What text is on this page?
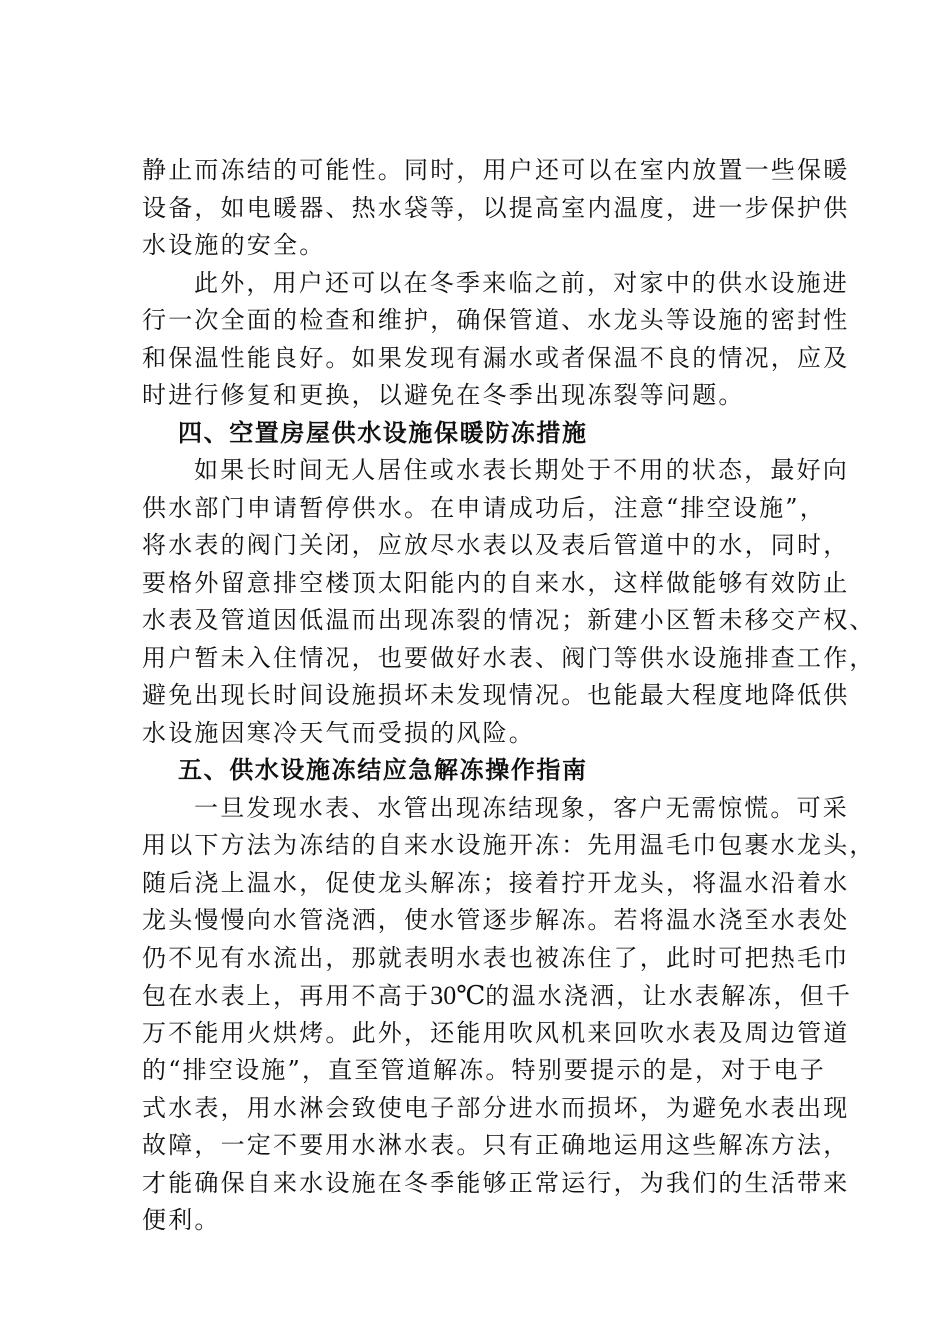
静止而冻结的可能性。同时，用户还可以在室内放置一些保暖
设备，如电暖器、热水袋等，以提高室内温度，进一步保护供
水设施的安全。
此外，用户还可以在冬季来临之前，对家中的供水设施进
行一次全面的检查和维护，确保管道、水龙头等设施的密封性
和保温性能良好。如果发现有漏水或者保温不良的情况，应及
时进行修复和更换，以避免在冬季出现冻裂等问题。
四、空置房屋供水设施保暖防冻措施
如果长时间无人居住或水表长期处于不用的状态，最好向
供水部门申请暂停供水。在申请成功后，注意“排空设施”，
将水表的阀门关闭，应放尽水表以及表后管道中的水，同时，
要格外留意排空楼顶太阳能内的自来水，这样做能够有效防止
水表及管道因低温而出现冻裂的情况；新建小区暂未移交产权、
用户暂未入住情况，也要做好水表、阀门等供水设施排查工作，
避免出现长时间设施损坏未发现情况。也能最大程度地降低供
水设施因寒冷天气而受损的风险。
五、供水设施冻结应急解冻操作指南
一旦发现水表、水管出现冻结现象，客户无需惊慌。可采
用以下方法为冻结的自来水设施开冻：先用温毛巾包裹水龙头，
随后浇上温水，促使龙头解冻；接着拧开龙头，将温水沿着水
龙头慢慢向水管浇洒，使水管逐步解冻。若将温水浇至水表处
仍不见有水流出，那就表明水表也被冻住了，此时可把热毛巾
包在水表上，再用不高于30℃的温水浇洒，让水表解冻，但千
万不能用火烘烤。此外，还能用吹风机来回吹水表及周边管道
的“排空设施”，直至管道解冻。特别要提示的是，对于电子
式水表，用水淋会致使电子部分进水而损坏，为避免水表出现
故障，一定不要用水淋水表。只有正确地运用这些解冻方法，
才能确保自来水设施在冬季能够正常运行，为我们的生活带来
便利。
